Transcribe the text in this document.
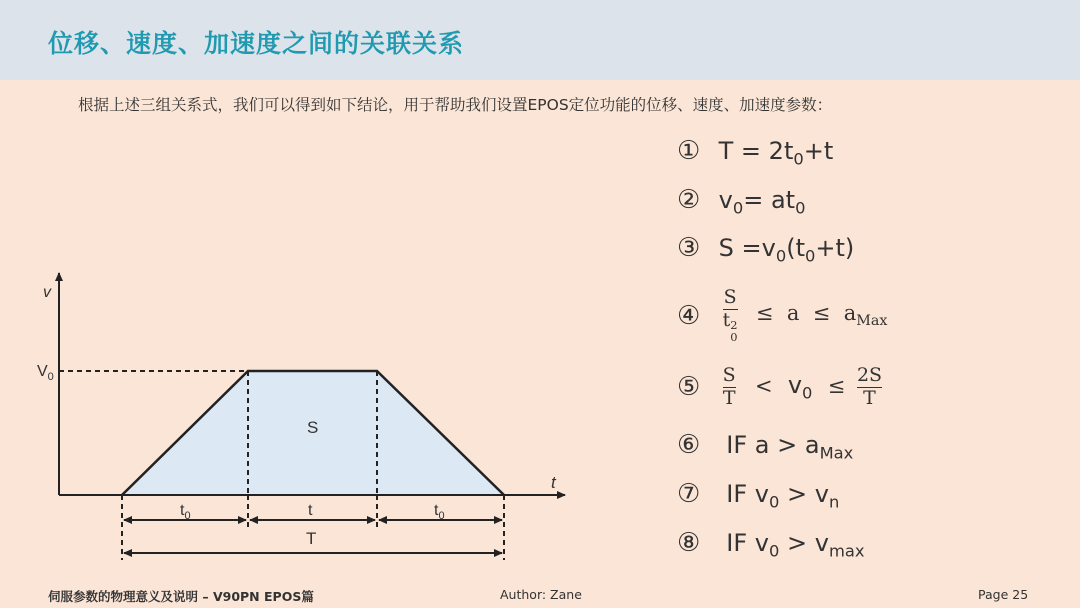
位移、速度、加速度之间的关联关系
根据上述三组关系式，我们可以得到如下结论，用于帮助我们设置EPOS定位功能的位移、速度、加速度参数：
v
t
$V_0$
S
$t_0$	t	$t_0$
T
① $T = 2t_0+t$
② $v_0= at_0$
③ $S =v_0(t_0+t)$
④ S
t 2
$0 \le a \le a_{Max}$
⑤ $\frac{S}{T} < v_0 \le \frac{2S}{T}$
⑥ IF $a > a_{Max}$
⑦ IF $v_0 > v_n$
⑧ IF $v_0 > v_{max}$
伺服参数的物理意义及说明 – V90PN EPOS篇	Author: Zane	Page 25
